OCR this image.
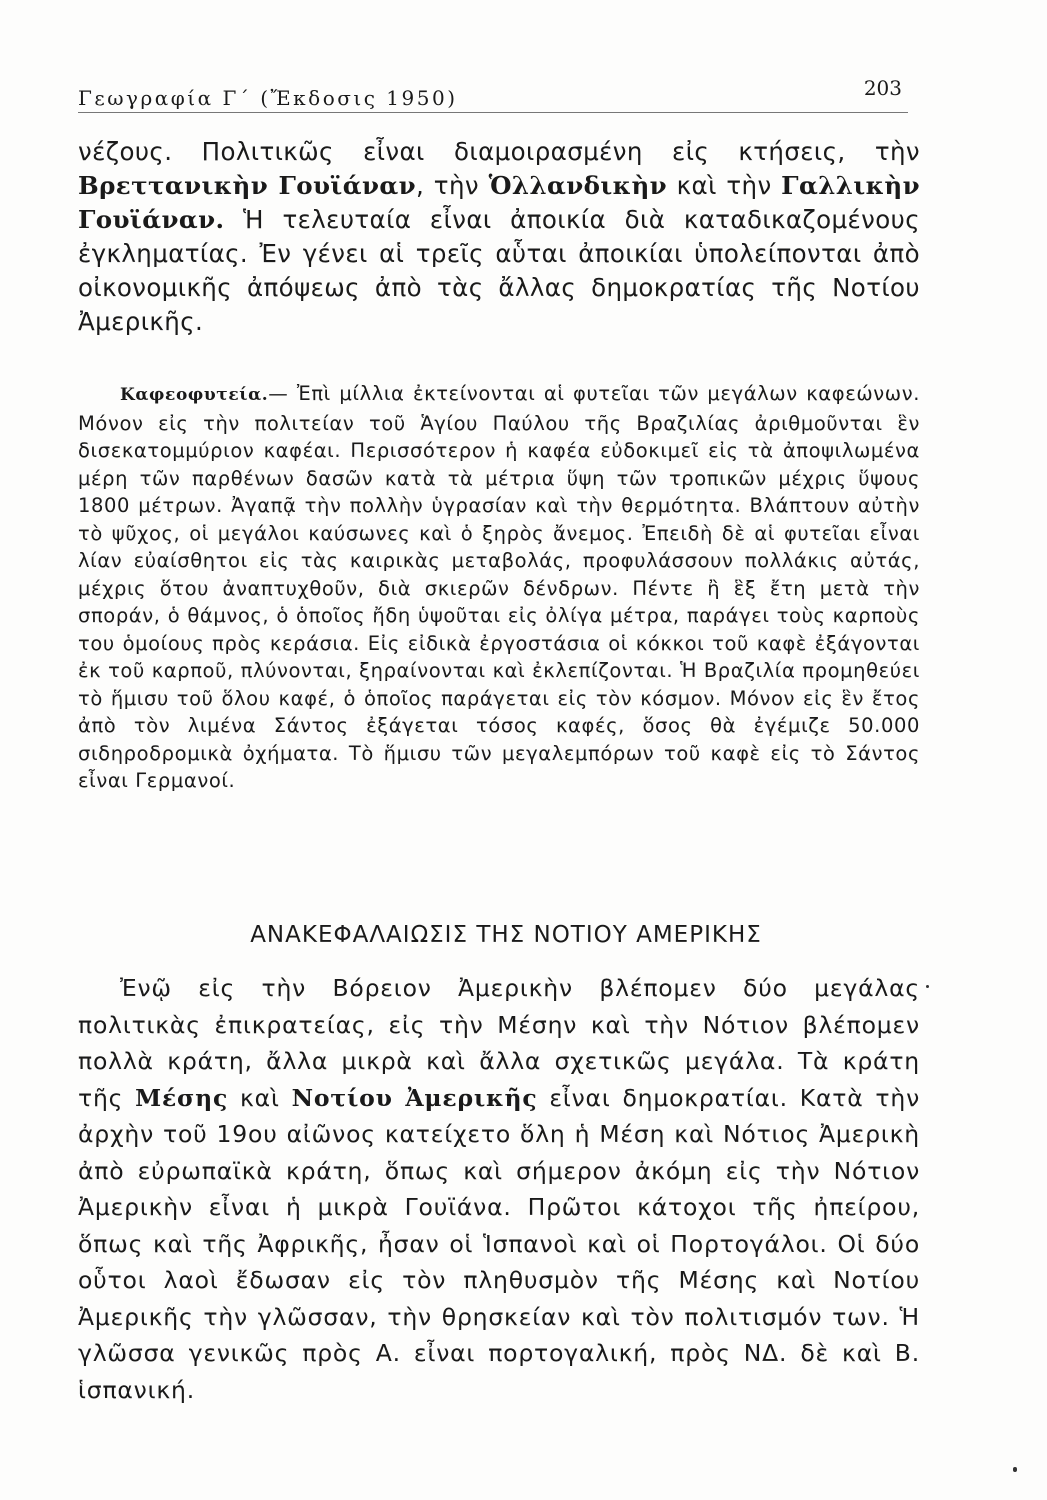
Γεωγραφία Γ΄ (Ἔκδοσις 1950)	203

νέζους. Πολιτικῶς εἶναι διαμοιρασμένη εἰς κτήσεις, τὴν Βρεττανικὴν Γουϊάναν, τὴν Ὁλλανδικὴν καὶ τὴν Γαλλικὴν Γουϊάναν. Ἡ τελευταία εἶναι ἀποικία διὰ καταδικαζομένους ἐγκληματίας. Ἐν γένει αἱ τρεῖς αὗται ἀποικίαι ὑπολείπονται ἀπὸ οἰκονομικῆς ἀπόψεως ἀπὸ τὰς ἄλλας δημοκρατίας τῆς Νοτίου Ἀμερικῆς.

Καφεοφυτεία.— Ἐπὶ μίλλια ἐκτείνονται αἱ φυτεῖαι τῶν μεγάλων καφεώνων. Μόνον εἰς τὴν πολιτείαν τοῦ Ἁγίου Παύλου τῆς Βραζιλίας ἀριθμοῦνται ἓν δισεκατομμύριον καφέαι. Περισσότερον ἡ καφέα εὐδοκιμεῖ εἰς τὰ ἀποψιλωμένα μέρη τῶν παρθένων δασῶν κατὰ τὰ μέτρια ὕψη τῶν τροπικῶν μέχρις ὕψους 1800 μέτρων. Ἀγαπᾷ τὴν πολλὴν ὑγρασίαν καὶ τὴν θερμότητα. Βλάπτουν αὐτὴν τὸ ψῦχος, οἱ μεγάλοι καύσωνες καὶ ὁ ξηρὸς ἄνεμος. Ἐπειδὴ δὲ αἱ φυτεῖαι εἶναι λίαν εὐαίσθητοι εἰς τὰς καιρικὰς μεταβολάς, προφυλάσσουν πολλάκις αὐτάς, μέχρις ὅτου ἀναπτυχθοῦν, διὰ σκιερῶν δένδρων. Πέντε ἢ ἓξ ἔτη μετὰ τὴν σποράν, ὁ θάμνος, ὁ ὁποῖος ἤδη ὑψοῦται εἰς ὀλίγα μέτρα, παράγει τοὺς καρποὺς του ὁμοίους πρὸς κεράσια. Εἰς εἰδικὰ ἐργοστάσια οἱ κόκκοι τοῦ καφὲ ἐξάγονται ἐκ τοῦ καρποῦ, πλύνονται, ξηραίνονται καὶ ἐκλεπίζονται. Ἡ Βραζιλία προμηθεύει τὸ ἥμισυ τοῦ ὅλου καφέ, ὁ ὁποῖος παράγεται εἰς τὸν κόσμον. Μόνον εἰς ἓν ἔτος ἀπὸ τὸν λιμένα Σάντος ἐξάγεται τόσος καφές, ὅσος θὰ ἐγέμιζε 50.000 σιδηροδρομικὰ ὀχήματα. Τὸ ἥμισυ τῶν μεγαλεμπόρων τοῦ καφὲ εἰς τὸ Σάντος εἶναι Γερμανοί.

ΑΝΑΚΕΦΑΛΑΙΩΣΙΣ ΤΗΣ ΝΟΤΙΟΥ ΑΜΕΡΙΚΗΣ

Ἐνῷ εἰς τὴν Βόρειον Ἀμερικὴν βλέπομεν δύο μεγάλας πολιτικὰς ἐπικρατείας, εἰς τὴν Μέσην καὶ τὴν Νότιον βλέπομεν πολλὰ κράτη, ἄλλα μικρὰ καὶ ἄλλα σχετικῶς μεγάλα. Τὰ κράτη τῆς Μέσης καὶ Νοτίου Ἀμερικῆς εἶναι δημοκρατίαι. Κατὰ τὴν ἀρχὴν τοῦ 19ου αἰῶνος κατείχετο ὅλη ἡ Μέση καὶ Νότιος Ἀμερικὴ ἀπὸ εὐρωπαϊκὰ κράτη, ὅπως καὶ σήμερον ἀκόμη εἰς τὴν Νότιον Ἀμερικὴν εἶναι ἡ μικρὰ Γουϊάνα. Πρῶτοι κάτοχοι τῆς ἠπείρου, ὅπως καὶ τῆς Ἀφρικῆς, ἦσαν οἱ Ἱσπανοὶ καὶ οἱ Πορτογάλοι. Οἱ δύο οὗτοι λαοὶ ἔδωσαν εἰς τὸν πληθυσμὸν τῆς Μέσης καὶ Νοτίου Ἀμερικῆς τὴν γλῶσσαν, τὴν θρησκείαν καὶ τὸν πολιτισμόν των. Ἡ γλῶσσα γενικῶς πρὸς Α. εἶναι πορτογαλική, πρὸς ΝΔ. δὲ καὶ Β. ἱσπανική.
